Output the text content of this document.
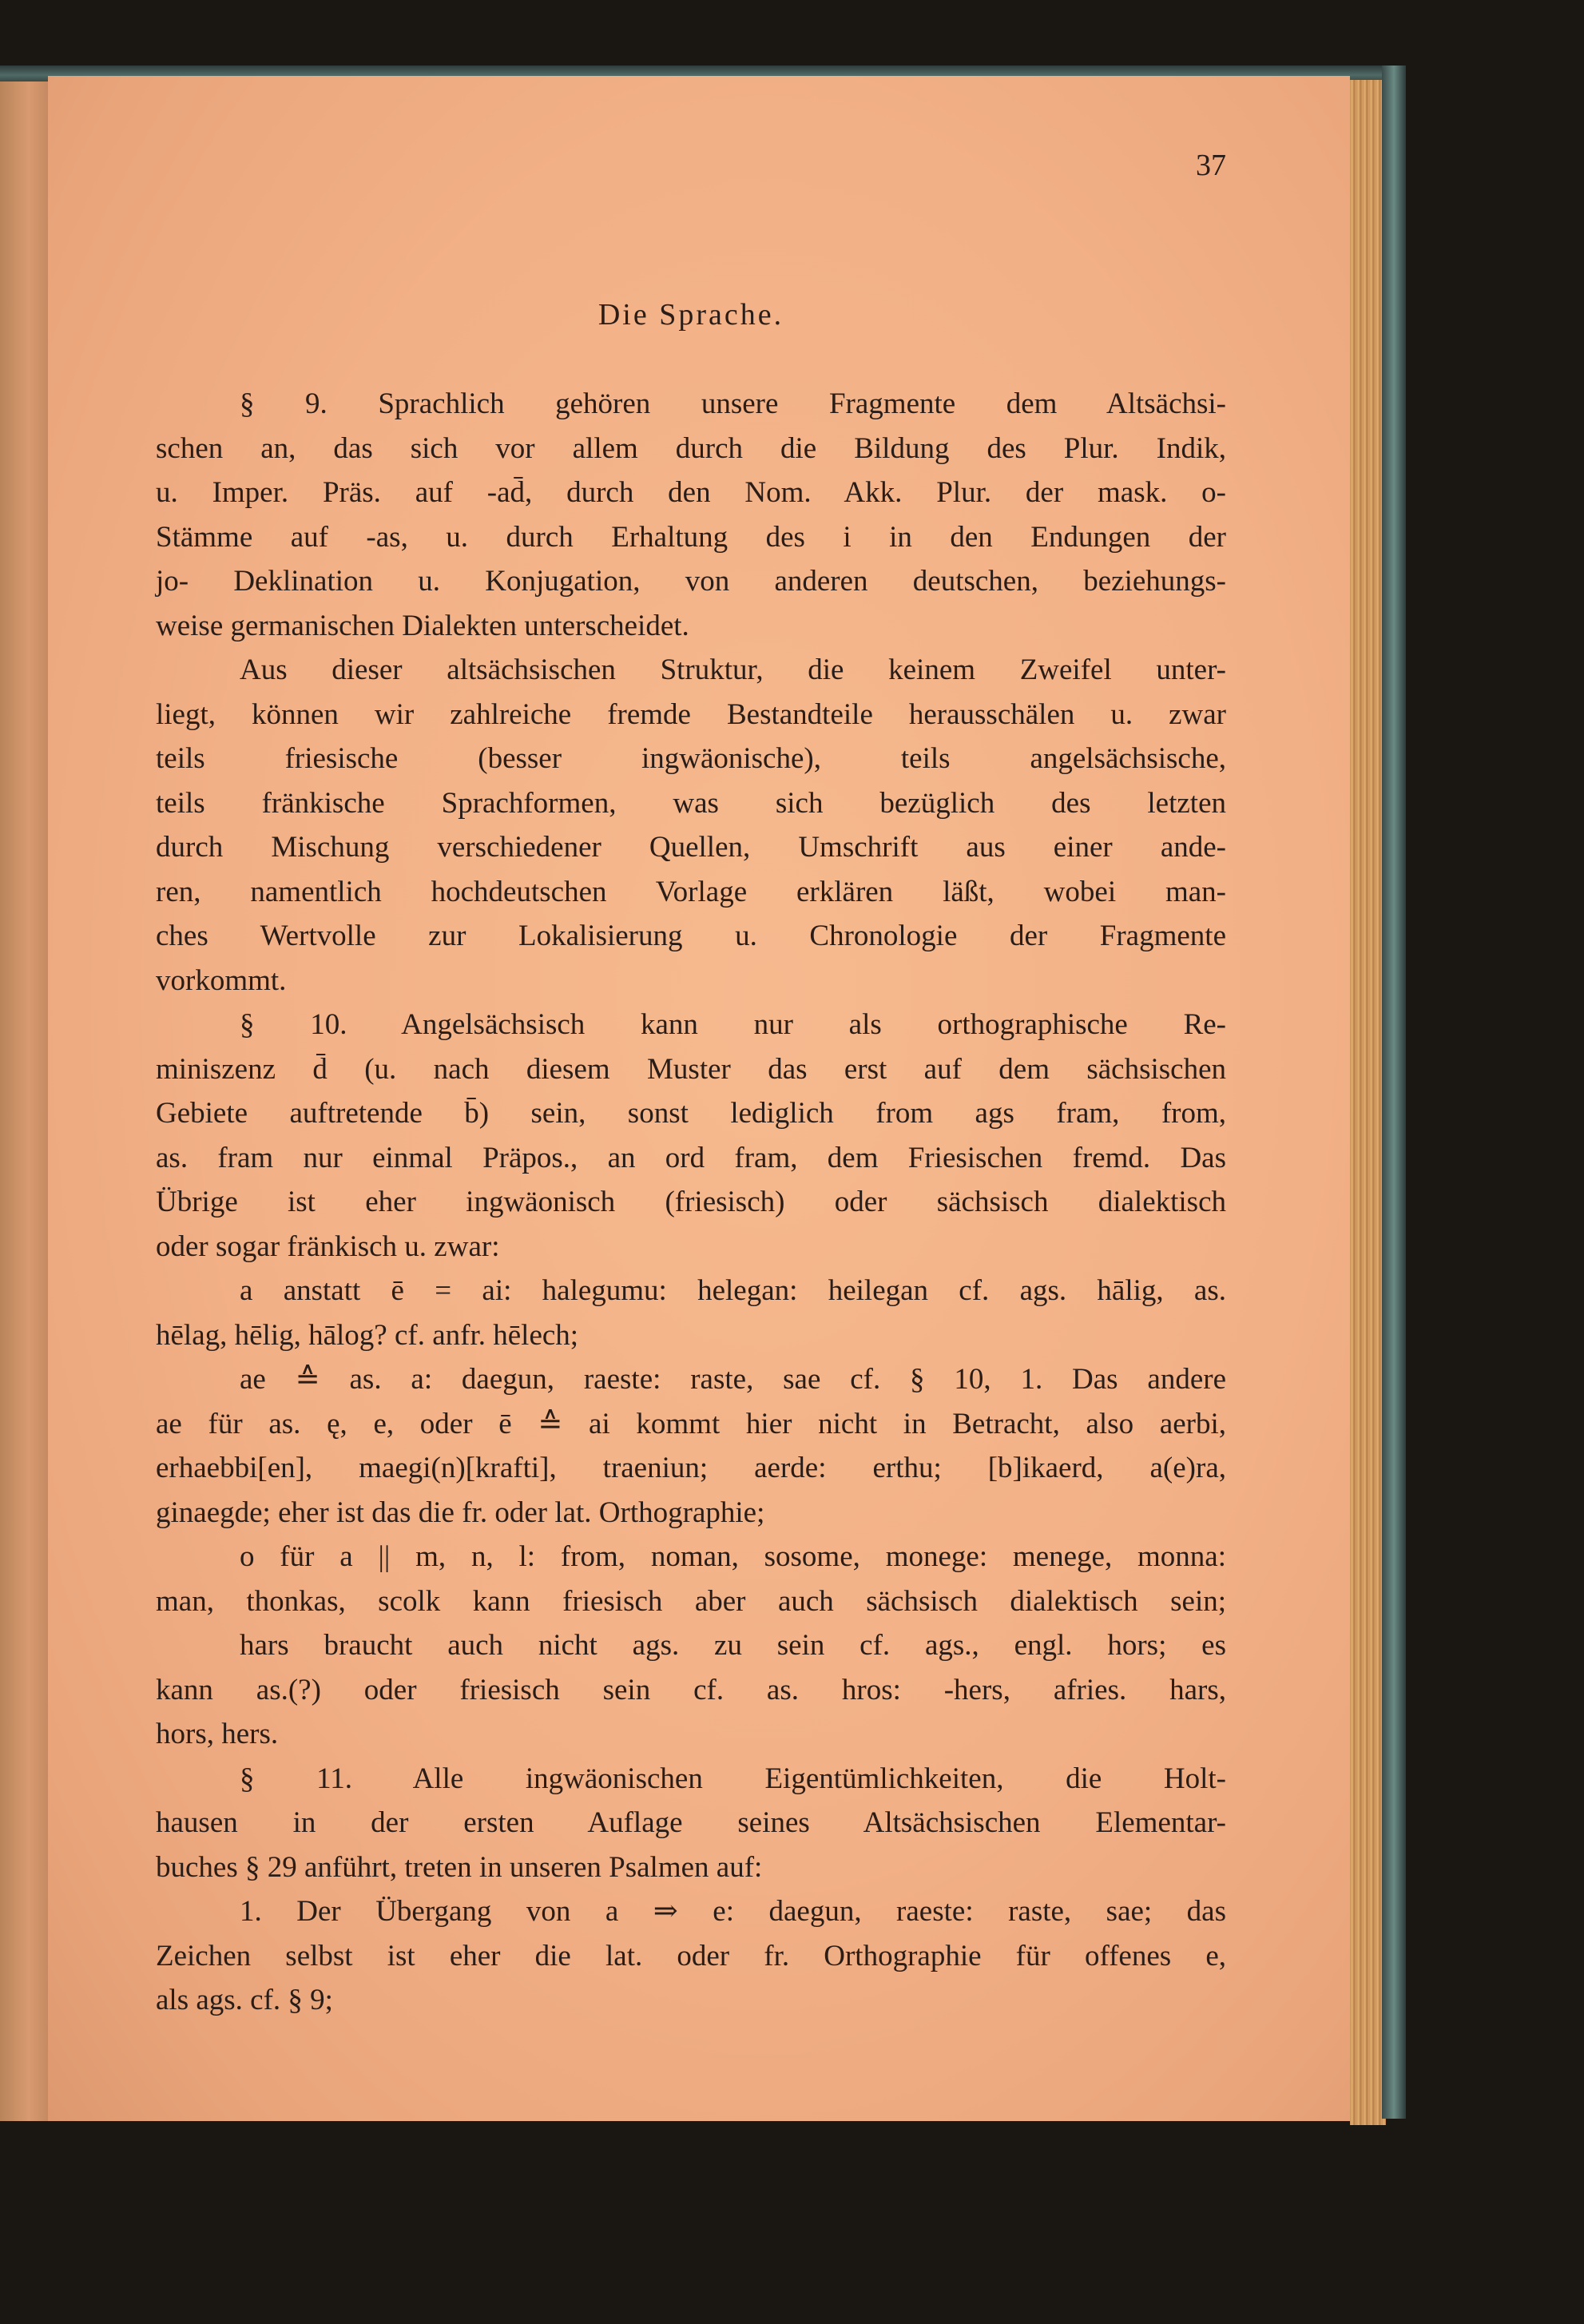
37
Die Sprache.
§ 9. Sprachlich gehören unsere Fragmente dem Altsächsi-
schen an, das sich vor allem durch die Bildung des Plur. Indik,
u. Imper. Präs. auf -ad̄, durch den Nom. Akk. Plur. der mask. o-
Stämme auf -as, u. durch Erhaltung des i in den Endungen der
jo- Deklination u. Konjugation, von anderen deutschen, beziehungs-
weise germanischen Dialekten unterscheidet.
Aus dieser altsächsischen Struktur, die keinem Zweifel unter-
liegt, können wir zahlreiche fremde Bestandteile herausschälen u. zwar
teils friesische (besser ingwäonische), teils angelsächsische,
teils fränkische Sprachformen, was sich bezüglich des letzten
durch Mischung verschiedener Quellen, Umschrift aus einer ande-
ren, namentlich hochdeutschen Vorlage erklären läßt, wobei man-
ches Wertvolle zur Lokalisierung u. Chronologie der Fragmente
vorkommt.
§ 10. Angelsächsisch kann nur als orthographische Re-
miniszenz d̄ (u. nach diesem Muster das erst auf dem sächsischen
Gebiete auftretende b̄) sein, sonst lediglich from ags fram, from,
as. fram nur einmal Präpos., an ord fram, dem Friesischen fremd. Das
Übrige ist eher ingwäonisch (friesisch) oder sächsisch dialektisch
oder sogar fränkisch u. zwar:
a anstatt ē = ai: halegumu: helegan: heilegan cf. ags. hālig, as.
hēlag, hēlig, hālog? cf. anfr. hēlech;
ae ≙ as. a: daegun, raeste: raste, sae cf. § 10, 1. Das andere
ae für as. ę, e, oder ē ≙ ai kommt hier nicht in Betracht, also aerbi,
erhaebbi[en], maegi(n)[krafti], traeniun; aerde: erthu; [b]ikaerd, a(e)ra,
ginaegde; eher ist das die fr. oder lat. Orthographie;
o für a || m, n, l: from, noman, sosome, monege: menege, monna:
man, thonkas, scolk kann friesisch aber auch sächsisch dialektisch sein;
hars braucht auch nicht ags. zu sein cf. ags., engl. hors; es
kann as.(?) oder friesisch sein cf. as. hros: -hers, afries. hars,
hors, hers.
§ 11. Alle ingwäonischen Eigentümlichkeiten, die Holt-
hausen in der ersten Auflage seines Altsächsischen Elementar-
buches § 29 anführt, treten in unseren Psalmen auf:
1. Der Übergang von a ⇒ e: daegun, raeste: raste, sae; das
Zeichen selbst ist eher die lat. oder fr. Orthographie für offenes e,
als ags. cf. § 9;
